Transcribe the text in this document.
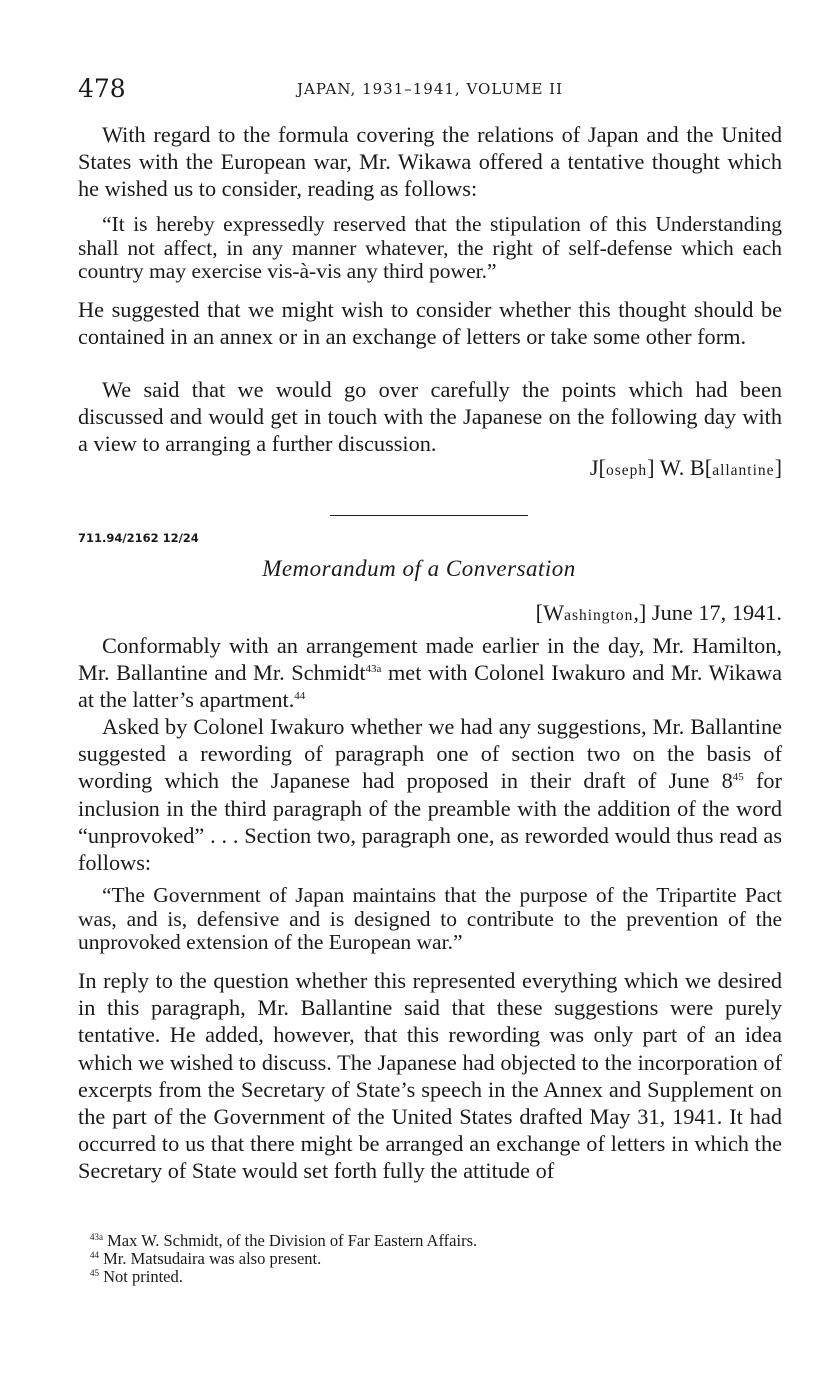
478	JAPAN, 1931–1941, VOLUME II

With regard to the formula covering the relations of Japan and the United States with the European war, Mr. Wikawa offered a tentative thought which he wished us to consider, reading as follows:

“It is hereby expressedly reserved that the stipulation of this Understanding shall not affect, in any manner whatever, the right of self-defense which each country may exercise vis-à-vis any third power.”

He suggested that we might wish to consider whether this thought should be contained in an annex or in an exchange of letters or take some other form.

We said that we would go over carefully the points which had been discussed and would get in touch with the Japanese on the following day with a view to arranging a further discussion.

J[oseph] W. B[allantine]
711.94/2162 12/24
Memorandum of a Conversation
[Washington,] June 17, 1941.

Conformably with an arrangement made earlier in the day, Mr. Hamilton, Mr. Ballantine and Mr. Schmidt$^{43a}$ met with Colonel Iwakuro and Mr. Wikawa at the latter’s apartment.$^{44}$

Asked by Colonel Iwakuro whether we had any suggestions, Mr. Ballantine suggested a rewording of paragraph one of section two on the basis of wording which the Japanese had proposed in their draft of June $8^{45}$ for inclusion in the third paragraph of the preamble with the addition of the word “unprovoked” . . . Section two, paragraph one, as reworded would thus read as follows:

“The Government of Japan maintains that the purpose of the Tripartite Pact was, and is, defensive and is designed to contribute to the prevention of the unprovoked extension of the European war.”

In reply to the question whether this represented everything which we desired in this paragraph, Mr. Ballantine said that these suggestions were purely tentative. He added, however, that this rewording was only part of an idea which we wished to discuss. The Japanese had objected to the incorporation of excerpts from the Secretary of State’s speech in the Annex and Supplement on the part of the Government of the United States drafted May 31, 1941. It had occurred to us that there might be arranged an exchange of letters in which the Secretary of State would set forth fully the attitude of

$^{43a}$ Max W. Schmidt, of the Division of Far Eastern Affairs.
$^{44}$ Mr. Matsudaira was also present.
$^{45}$ Not printed.
